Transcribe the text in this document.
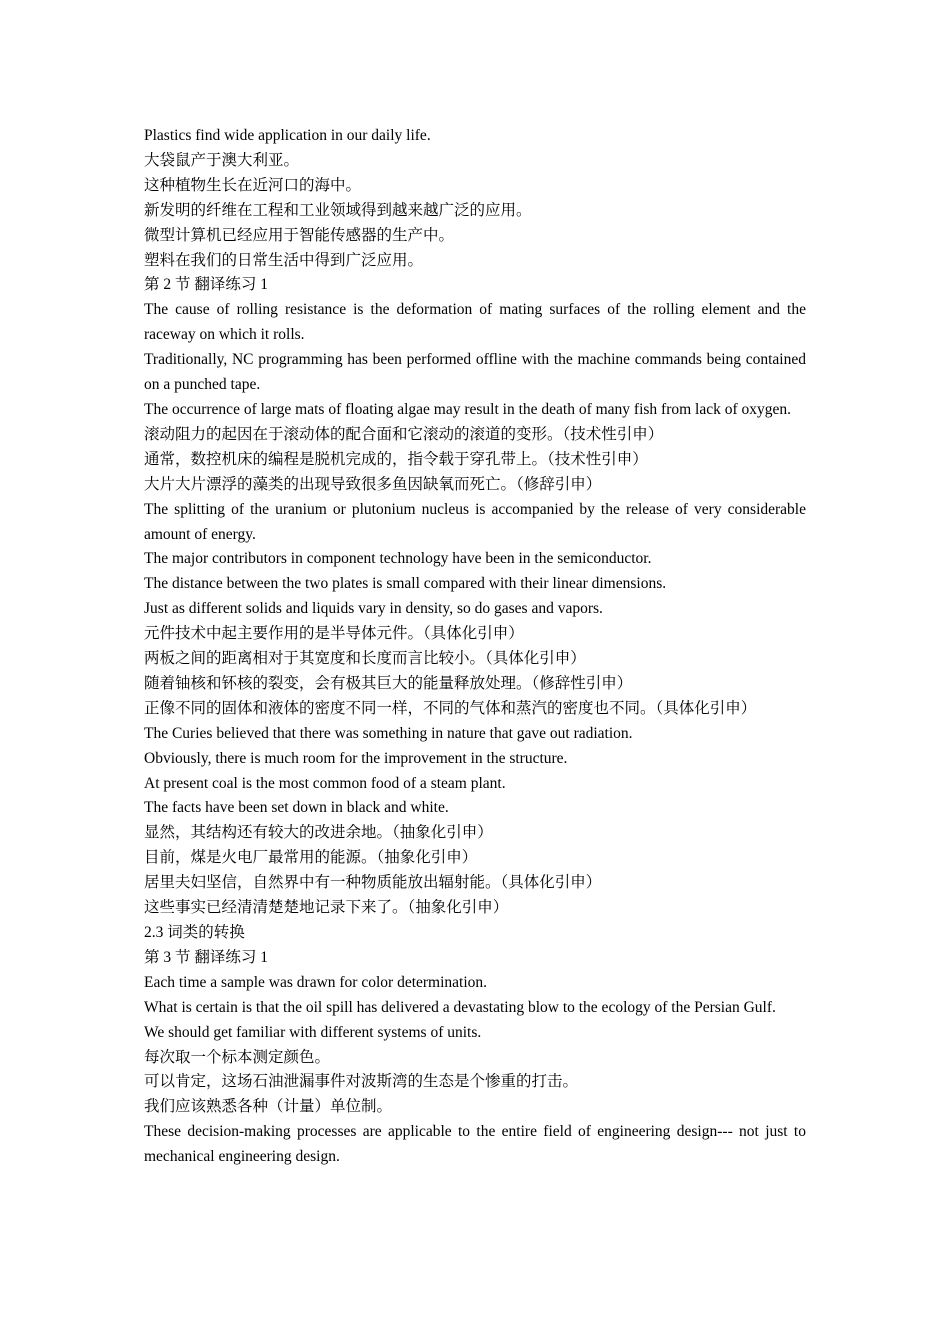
Plastics find wide application in our daily life.

大袋鼠产于澳大利亚。

这种植物生长在近河口的海中。

新发明的纤维在工程和工业领域得到越来越广泛的应用。

微型计算机已经应用于智能传感器的生产中。

塑料在我们的日常生活中得到广泛应用。

第 2 节 翻译练习 1

The cause of rolling resistance is the deformation of mating surfaces of the rolling element and the raceway on which it rolls.

Traditionally, NC programming has been performed offline with the machine commands being contained on a punched tape.

The occurrence of large mats of floating algae may result in the death of many fish from lack of oxygen.

滚动阻力的起因在于滚动体的配合面和它滚动的滚道的变形。（技术性引申）

通常，数控机床的编程是脱机完成的，指令载于穿孔带上。（技术性引申）

大片大片漂浮的藻类的出现导致很多鱼因缺氧而死亡。（修辞引申）

The splitting of the uranium or plutonium nucleus is accompanied by the release of very considerable amount of energy.

The major contributors in component technology have been in the semiconductor.

The distance between the two plates is small compared with their linear dimensions.

Just as different solids and liquids vary in density, so do gases and vapors.

元件技术中起主要作用的是半导体元件。（具体化引申）

两板之间的距离相对于其宽度和长度而言比较小。（具体化引申）

随着铀核和钚核的裂变，会有极其巨大的能量释放处理。（修辞性引申）

正像不同的固体和液体的密度不同一样，不同的气体和蒸汽的密度也不同。（具体化引申）

The Curies believed that there was something in nature that gave out radiation.

Obviously, there is much room for the improvement in the structure.

At present coal is the most common food of a steam plant.

The facts have been set down in black and white.

显然，其结构还有较大的改进余地。（抽象化引申）

目前，煤是火电厂最常用的能源。（抽象化引申）

居里夫妇坚信，自然界中有一种物质能放出辐射能。（具体化引申）

这些事实已经清清楚楚地记录下来了。（抽象化引申）

2.3 词类的转换

第 3 节 翻译练习 1

Each time a sample was drawn for color determination.

What is certain is that the oil spill has delivered a devastating blow to the ecology of the Persian Gulf.

We should get familiar with different systems of units.

每次取一个标本测定颜色。

可以肯定，这场石油泄漏事件对波斯湾的生态是个惨重的打击。

我们应该熟悉各种（计量）单位制。

These decision-making processes are applicable to the entire field of engineering design--- not just to mechanical engineering design.
